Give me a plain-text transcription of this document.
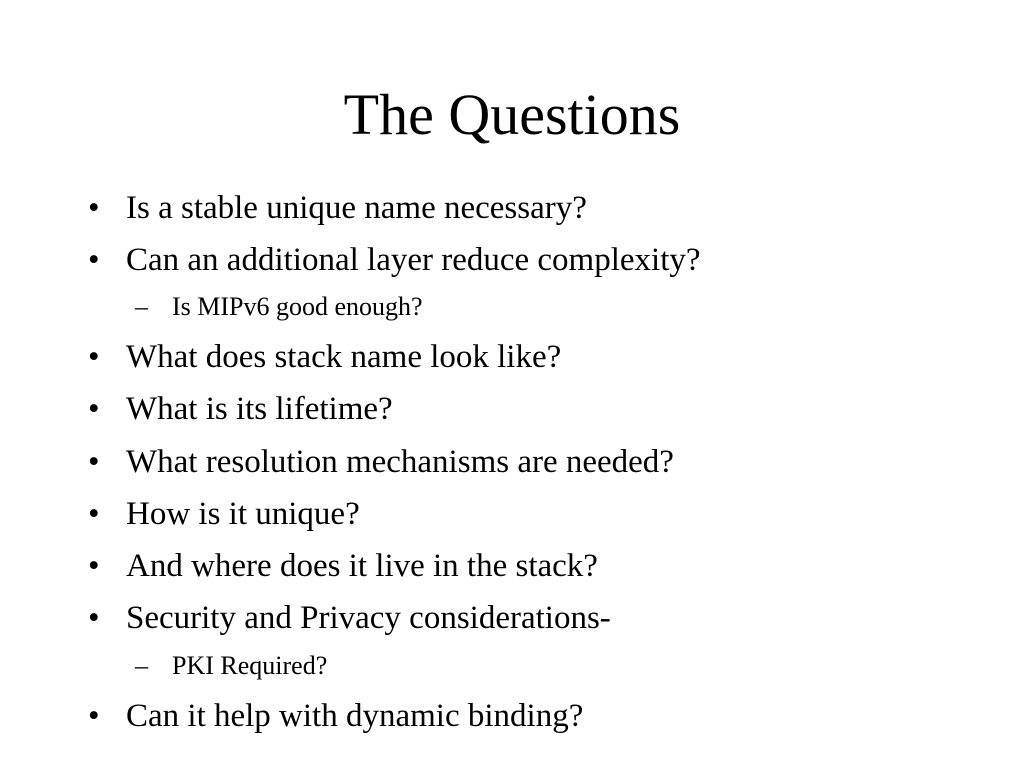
The Questions
• Is a stable unique name necessary?
• Can an additional layer reduce complexity?
– Is MIPv6 good enough?
• What does stack name look like?
• What is its lifetime?
• What resolution mechanisms are needed?
• How is it unique?
• And where does it live in the stack?
• Security and Privacy considerations-
– PKI Required?
• Can it help with dynamic binding?
